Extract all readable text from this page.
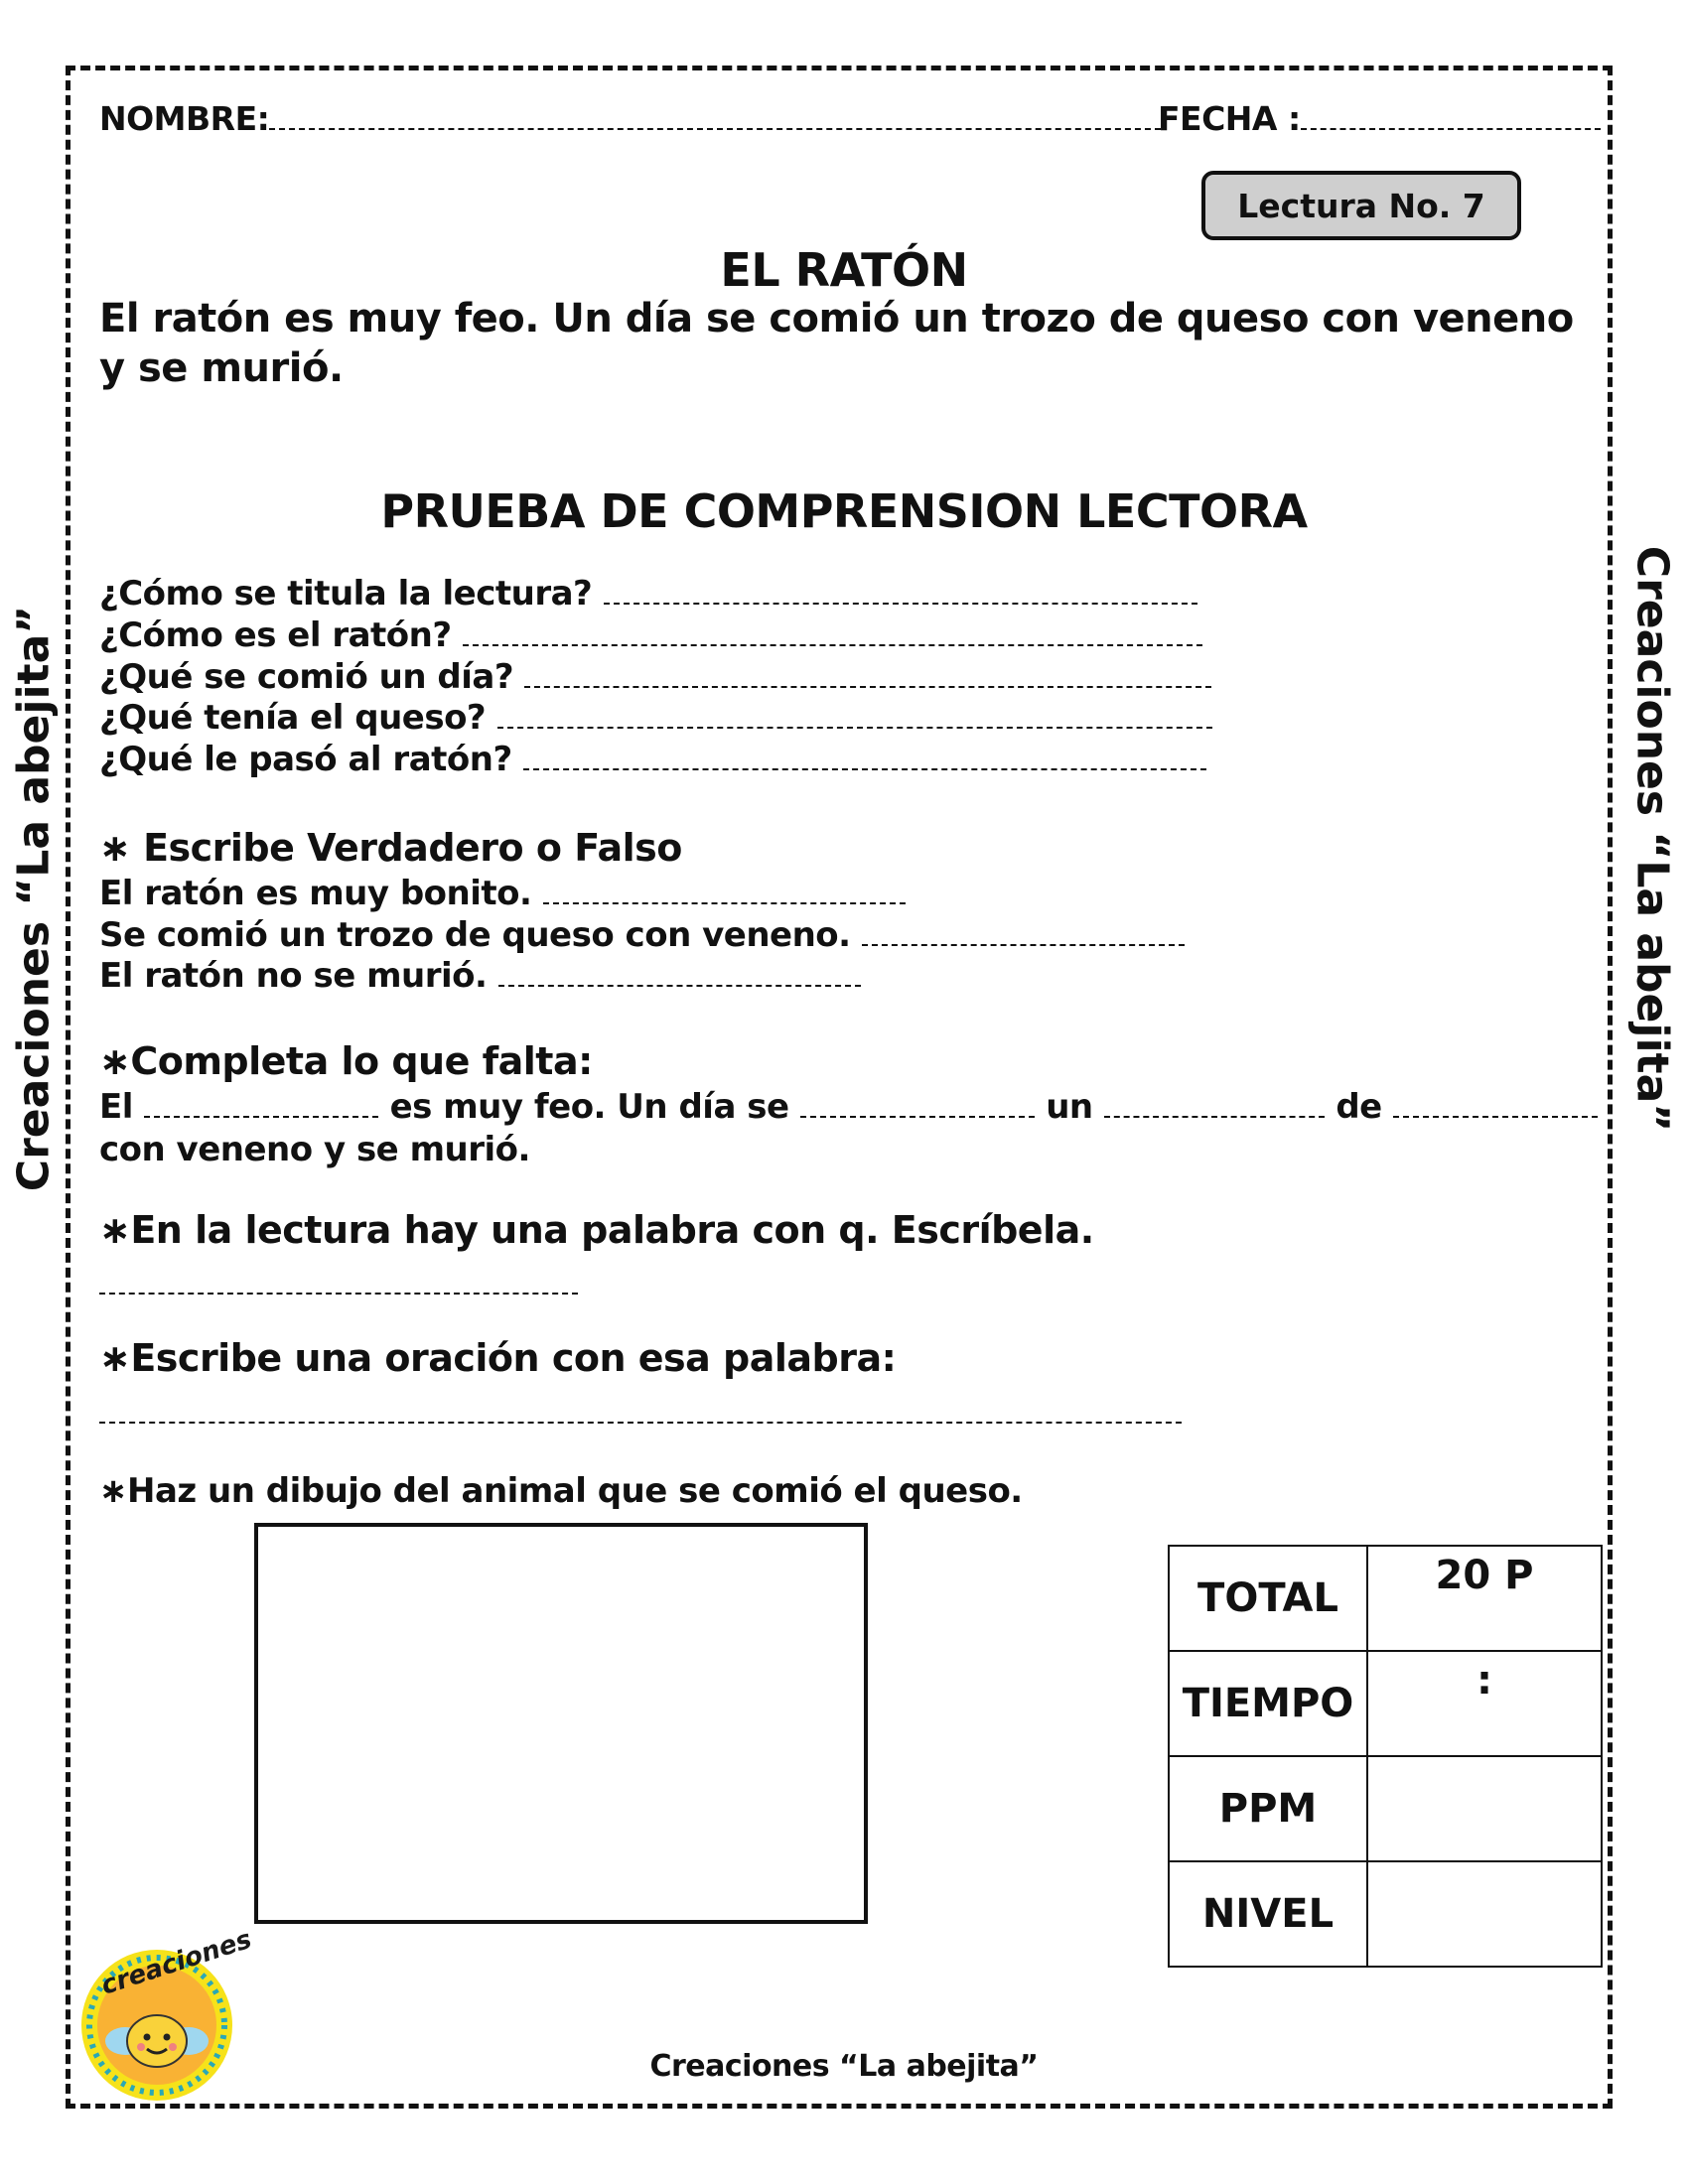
Creaciones “La abejita”	Creaciones “La abejita”
NOMBRE:	FECHA :
Lectura No. 7
EL RATÓN
El ratón es muy feo. Un día se comió un trozo de queso con veneno
y se murió.
PRUEBA DE COMPRENSION LECTORA
¿Cómo se titula la lectura?
¿Cómo es el ratón?
¿Qué se comió un día?
¿Qué tenía el queso?
¿Qué le pasó al ratón?
∗ Escribe Verdadero o Falso
El ratón es muy bonito.
Se comió un trozo de queso con veneno.
El ratón no se murió.
∗Completa lo que falta:
El	es muy feo. Un día se	un	de
con veneno y se murió.
∗En la lectura hay una palabra con q. Escríbela.
∗Escribe una oración con esa palabra:
∗Haz un dibujo del animal que se comió el queso.
TOTAL	20 P
TIEMPO	:
PPM	
NIVEL	
creaciones
Creaciones “La abejita”
